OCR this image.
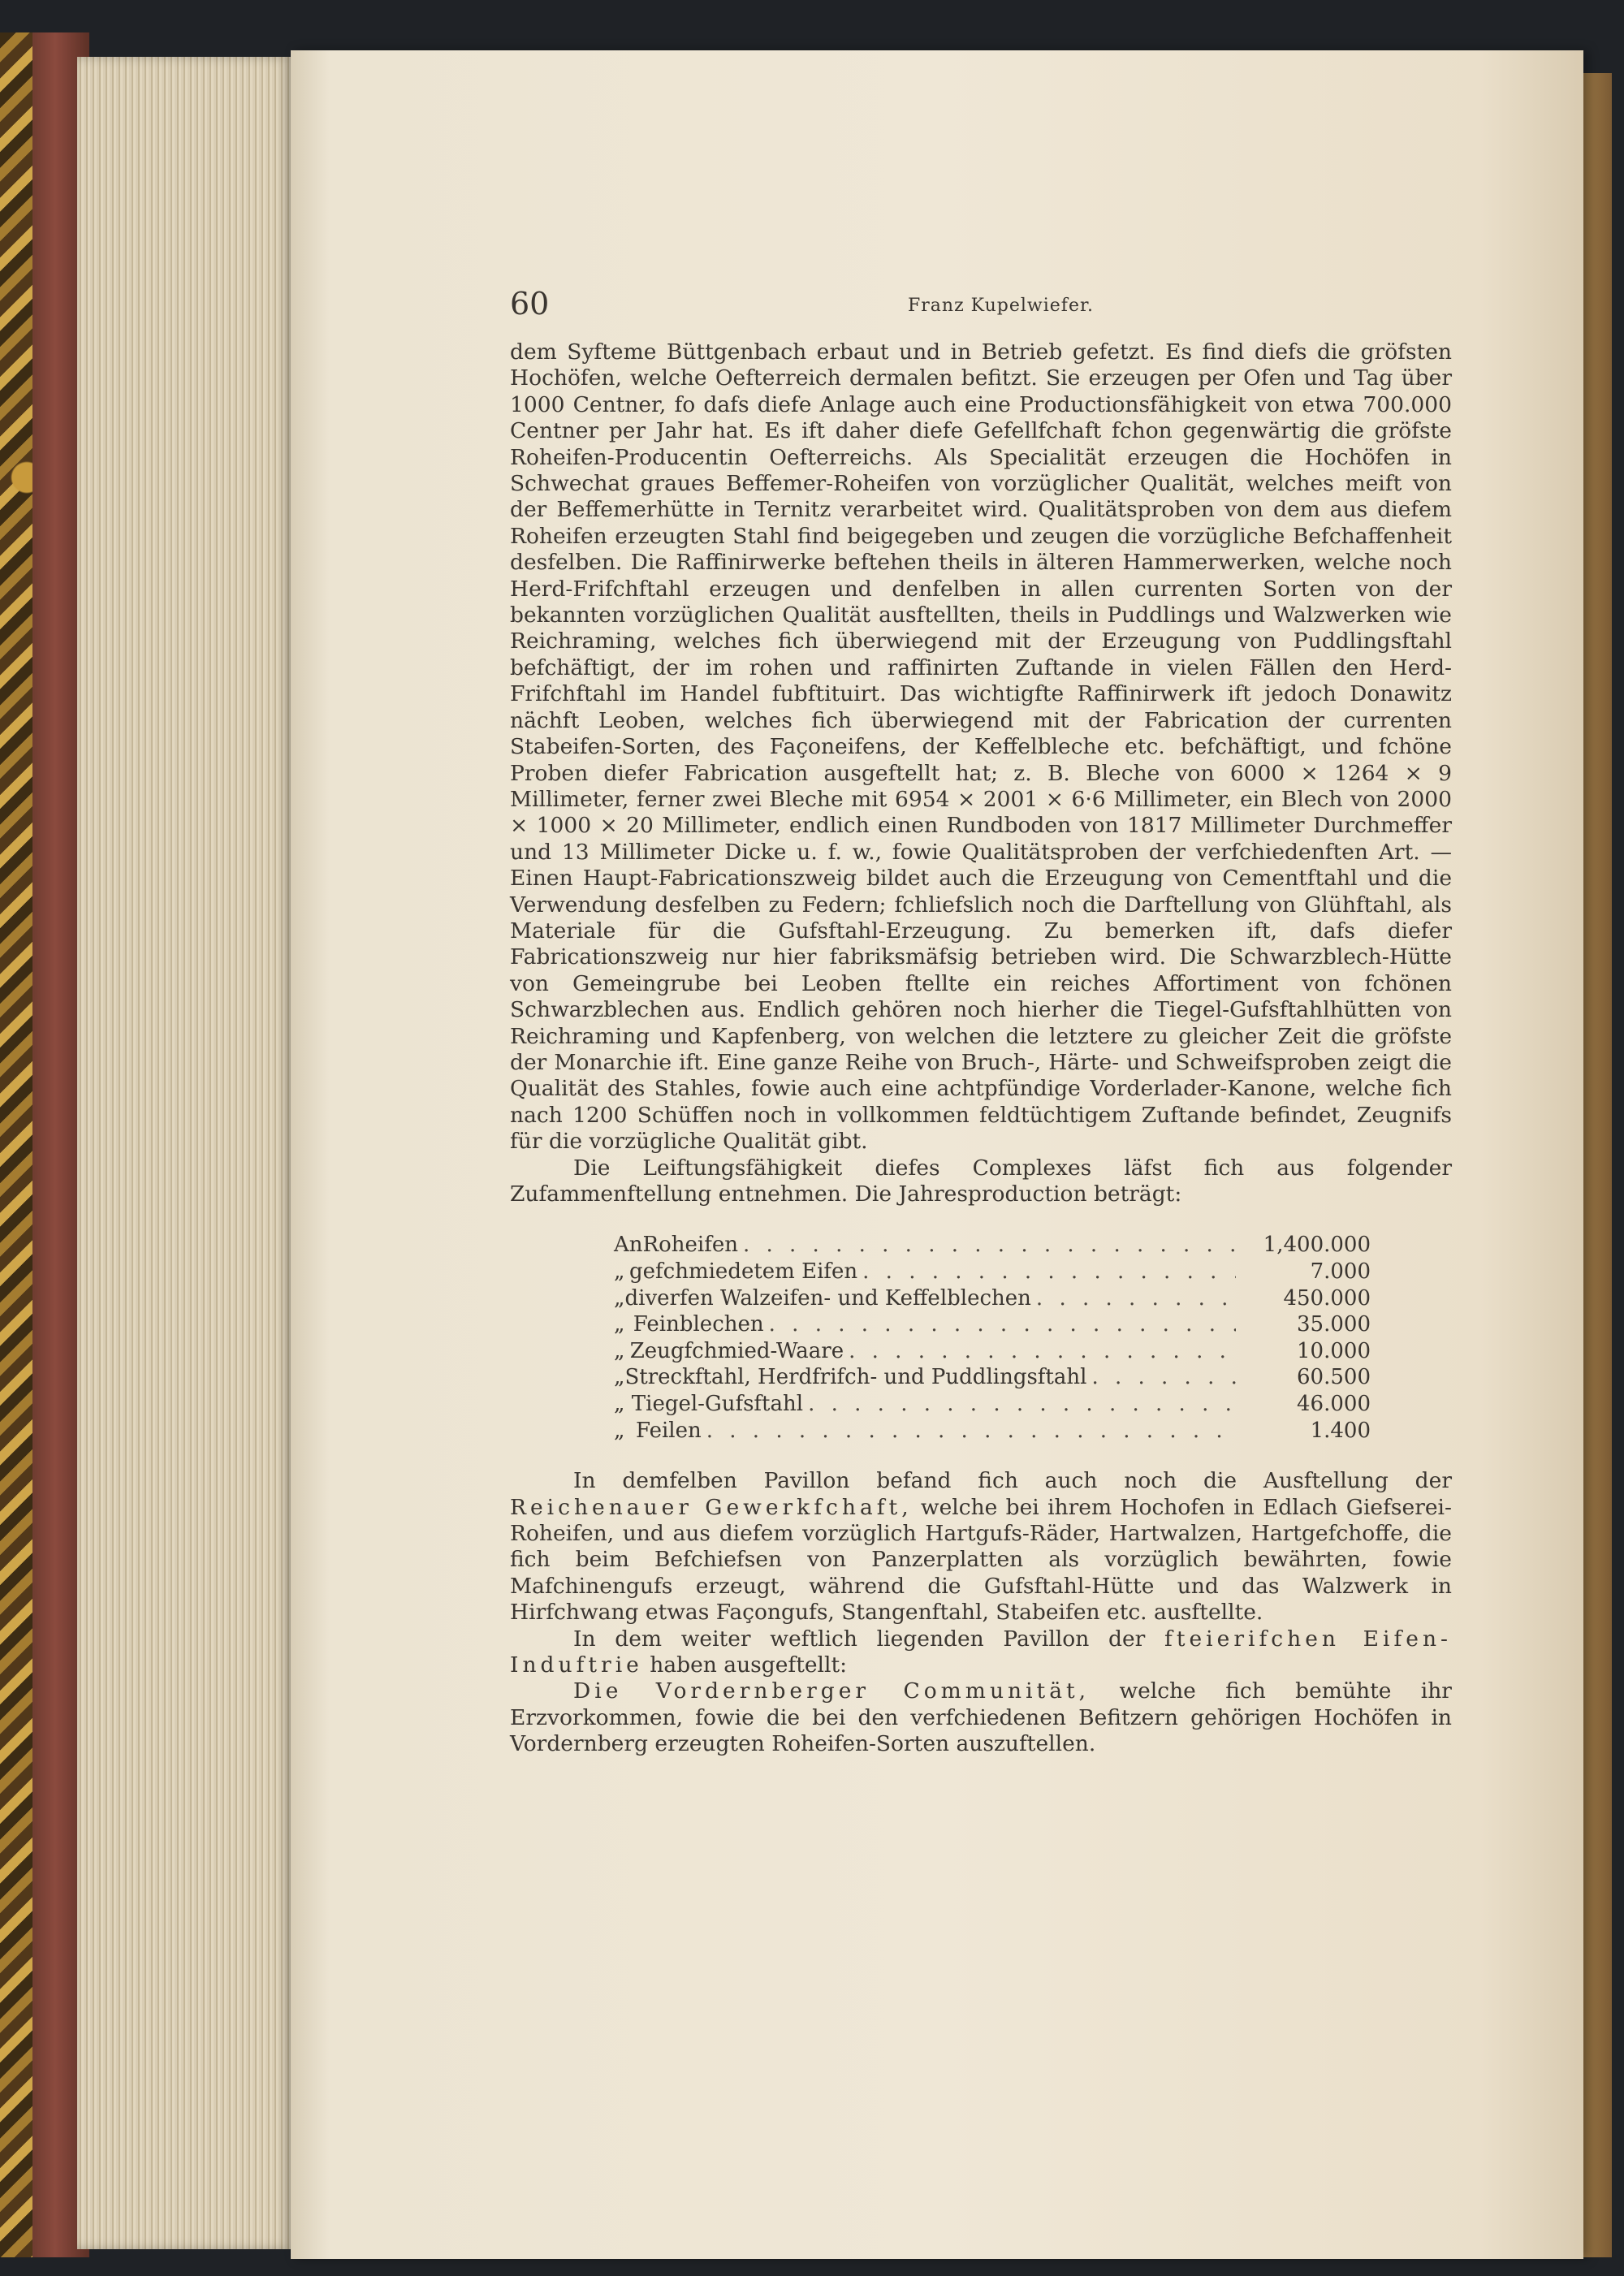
60	Franz Kupelwiefer.

dem Syfteme Büttgenbach erbaut und in Betrieb gefetzt. Es find diefs die gröfsten Hochöfen, welche Oefterreich dermalen befitzt. Sie erzeugen per Ofen und Tag über 1000 Centner, fo dafs diefe Anlage auch eine Productionsfähigkeit von etwa 700.000 Centner per Jahr hat. Es ift daher diefe Gefellfchaft fchon gegenwärtig die gröfste Roheifen-Producentin Oefterreichs. Als Specialität erzeugen die Hochöfen in Schwechat graues Beffemer-Roheifen von vorzüglicher Qualität, welches meift von der Beffemerhütte in Ternitz verarbeitet wird. Qualitätsproben von dem aus diefem Roheifen erzeugten Stahl find beigegeben und zeugen die vorzügliche Befchaffenheit desfelben. Die Raffinirwerke beftehen theils in älteren Hammerwerken, welche noch Herd-Frifchftahl erzeugen und denfelben in allen currenten Sorten von der bekannten vorzüglichen Qualität ausftellten, theils in Puddlings und Walzwerken wie Reichraming, welches fich überwiegend mit der Erzeugung von Puddlingsftahl befchäftigt, der im rohen und raffinirten Zuftande in vielen Fällen den Herd-Frifchftahl im Handel fubftituirt. Das wichtigfte Raffinirwerk ift jedoch Donawitz nächft Leoben, welches fich überwiegend mit der Fabrication der currenten Stabeifen-Sorten, des Façoneifens, der Keffelbleche etc. befchäftigt, und fchöne Proben diefer Fabrication ausgeftellt hat; z. B. Bleche von 6000 × 1264 × 9 Millimeter, ferner zwei Bleche mit 6954 × 2001 × 6·6 Millimeter, ein Blech von 2000 × 1000 × 20 Millimeter, endlich einen Rundboden von 1817 Millimeter Durchmeffer und 13 Millimeter Dicke u. f. w., fowie Qualitätsproben der verfchiedenften Art. — Einen Haupt-Fabricationszweig bildet auch die Erzeugung von Cementftahl und die Verwendung desfelben zu Federn; fchliefslich noch die Darftellung von Glühftahl, als Materiale für die Gufsftahl-Erzeugung. Zu bemerken ift, dafs diefer Fabricationszweig nur hier fabriksmäfsig betrieben wird. Die Schwarzblech-Hütte von Gemeingrube bei Leoben ftellte ein reiches Affortiment von fchönen Schwarzblechen aus. Endlich gehören noch hierher die Tiegel-Gufsftahlhütten von Reichraming und Kapfenberg, von welchen die letztere zu gleicher Zeit die gröfste der Monarchie ift. Eine ganze Reihe von Bruch-, Härte- und Schweifsproben zeigt die Qualität des Stahles, fowie auch eine achtpfündige Vorderlader-Kanone, welche fich nach 1200 Schüffen noch in vollkommen feldtüchtigem Zuftande befindet, Zeugnifs für die vorzügliche Qualität gibt.

Die Leiftungsfähigkeit diefes Complexes läfst fich aus folgender Zufammenftellung entnehmen. Die Jahresproduction beträgt:

An Roheifen . . .	1,400.000
„ gefchmiedetem Eifen . . .	7.000
„ diverfen Walzeifen- und Keffelblechen . . .	450.000
„ Feinblechen . . .	35.000
„ Zeugfchmied-Waare . . .	10.000
„ Streckftahl, Herdfrifch- und Puddlingsftahl . . .	60.500
„ Tiegel-Gufsftahl . . .	46.000
„ Feilen . . .	1.400

In demfelben Pavillon befand fich auch noch die Ausftellung der Reichenauer Gewerkfchaft, welche bei ihrem Hochofen in Edlach Giefserei-Roheifen, und aus diefem vorzüglich Hartgufs-Räder, Hartwalzen, Hartgefchoffe, die fich beim Befchiefsen von Panzerplatten als vorzüglich bewährten, fowie Mafchinengufs erzeugt, während die Gufsftahl-Hütte und das Walzwerk in Hirfchwang etwas Façongufs, Stangenftahl, Stabeifen etc. ausftellte.

In dem weiter weftlich liegenden Pavillon der fteierifchen Eifen-Induftrie haben ausgeftellt:

Die Vordernberger Communität, welche fich bemühte ihr Erzvorkommen, fowie die bei den verfchiedenen Befitzern gehörigen Hochöfen in Vordernberg erzeugten Roheifen-Sorten auszuftellen.
